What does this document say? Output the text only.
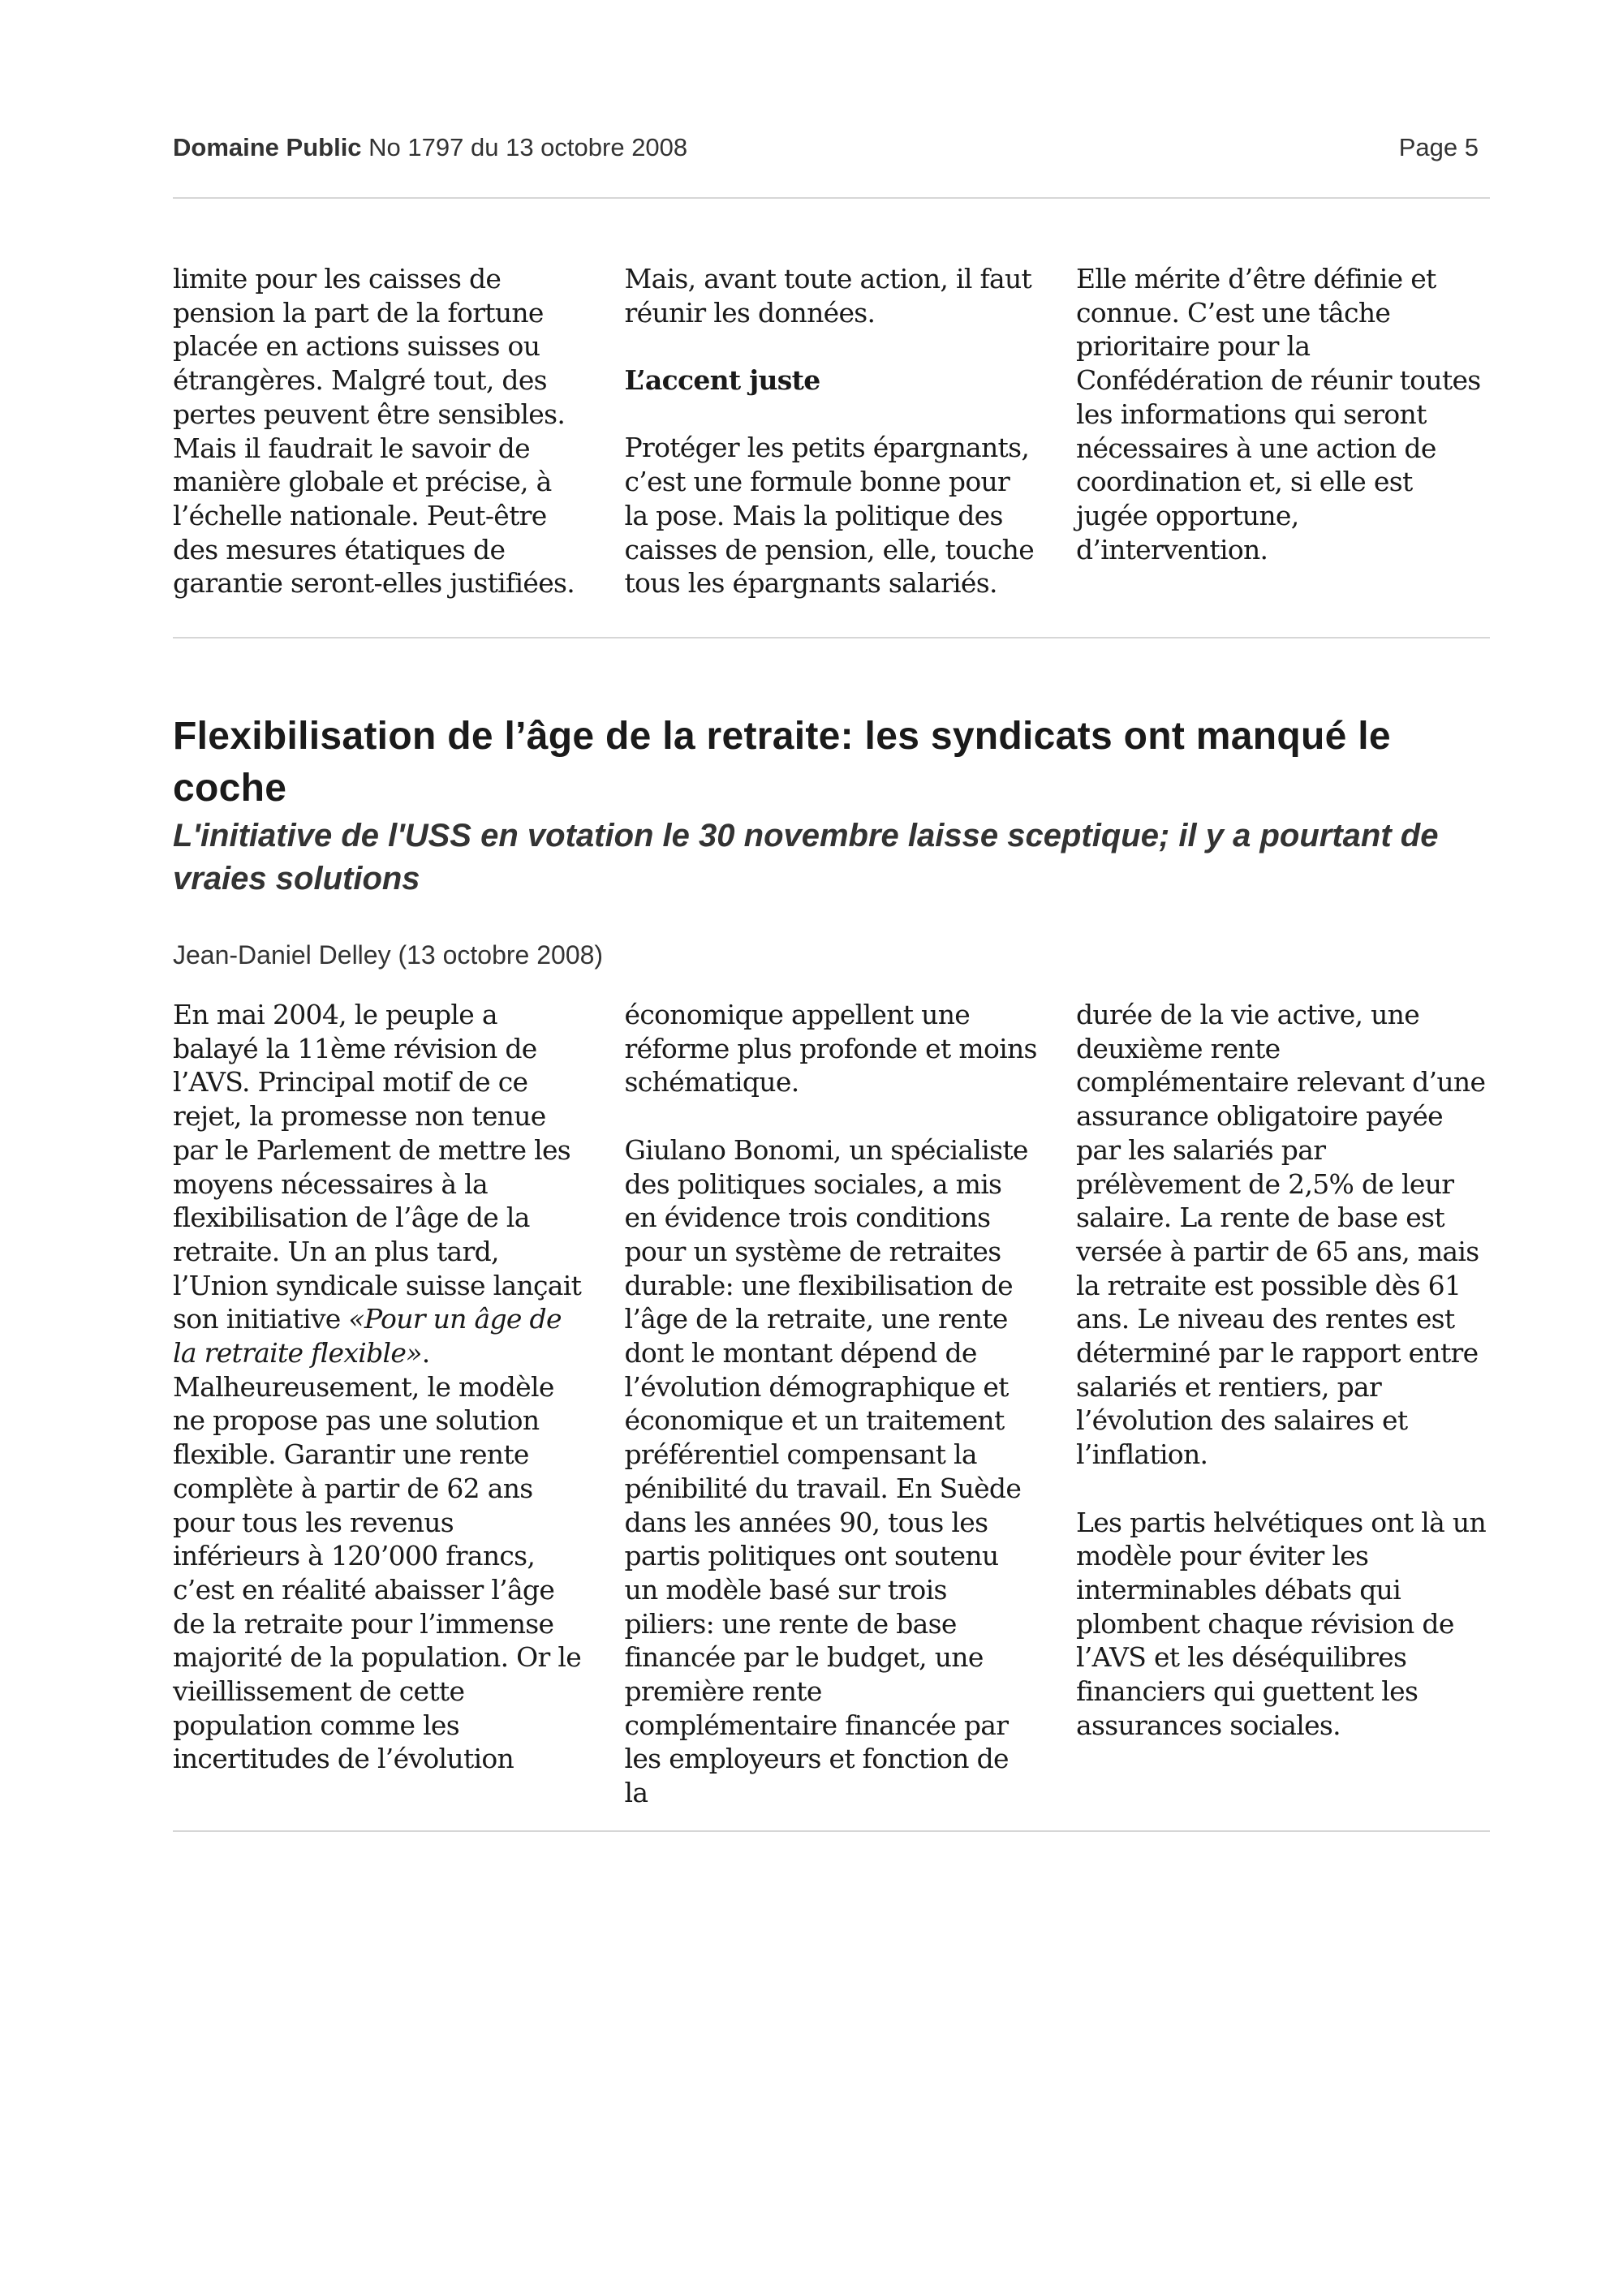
Domaine Public No 1797 du 13 octobre 2008	Page 5

limite pour les caisses de pension la part de la fortune placée en actions suisses ou étrangères. Malgré tout, des pertes peuvent être sensibles. Mais il faudrait le savoir de manière globale et précise, à l’échelle nationale. Peut-être des mesures étatiques de garantie seront-elles justifiées.

Mais, avant toute action, il faut réunir les données.

L’accent juste

Protéger les petits épargnants, c’est une formule bonne pour la pose. Mais la politique des caisses de pension, elle, touche tous les épargnants salariés.

Elle mérite d’être définie et connue. C’est une tâche prioritaire pour la Confédération de réunir toutes les informations qui seront nécessaires à une action de coordination et, si elle est jugée opportune, d’intervention.

Flexibilisation de l’âge de la retraite: les syndicats ont manqué le coche
L'initiative de l'USS en votation le 30 novembre laisse sceptique; il y a pourtant de vraies solutions
Jean-Daniel Delley (13 octobre 2008)

En mai 2004, le peuple a balayé la 11ème révision de l’AVS. Principal motif de ce rejet, la promesse non tenue par le Parlement de mettre les moyens nécessaires à la flexibilisation de l’âge de la retraite. Un an plus tard, l’Union syndicale suisse lançait son initiative «Pour un âge de la retraite flexible». Malheureusement, le modèle ne propose pas une solution flexible. Garantir une rente complète à partir de 62 ans pour tous les revenus inférieurs à 120’000 francs, c’est en réalité abaisser l’âge de la retraite pour l’immense majorité de la population. Or le vieillissement de cette population comme les incertitudes de l’évolution

économique appellent une réforme plus profonde et moins schématique.

Giulano Bonomi, un spécialiste des politiques sociales, a mis en évidence trois conditions pour un système de retraites durable: une flexibilisation de l’âge de la retraite, une rente dont le montant dépend de l’évolution démographique et économique et un traitement préférentiel compensant la pénibilité du travail. En Suède dans les années 90, tous les partis politiques ont soutenu un modèle basé sur trois piliers: une rente de base financée par le budget, une première rente complémentaire financée par les employeurs et fonction de la

durée de la vie active, une deuxième rente complémentaire relevant d’une assurance obligatoire payée par les salariés par prélèvement de 2,5% de leur salaire. La rente de base est versée à partir de 65 ans, mais la retraite est possible dès 61 ans. Le niveau des rentes est déterminé par le rapport entre salariés et rentiers, par l’évolution des salaires et l’inflation.

Les partis helvétiques ont là un modèle pour éviter les interminables débats qui plombent chaque révision de l’AVS et les déséquilibres financiers qui guettent les assurances sociales.
